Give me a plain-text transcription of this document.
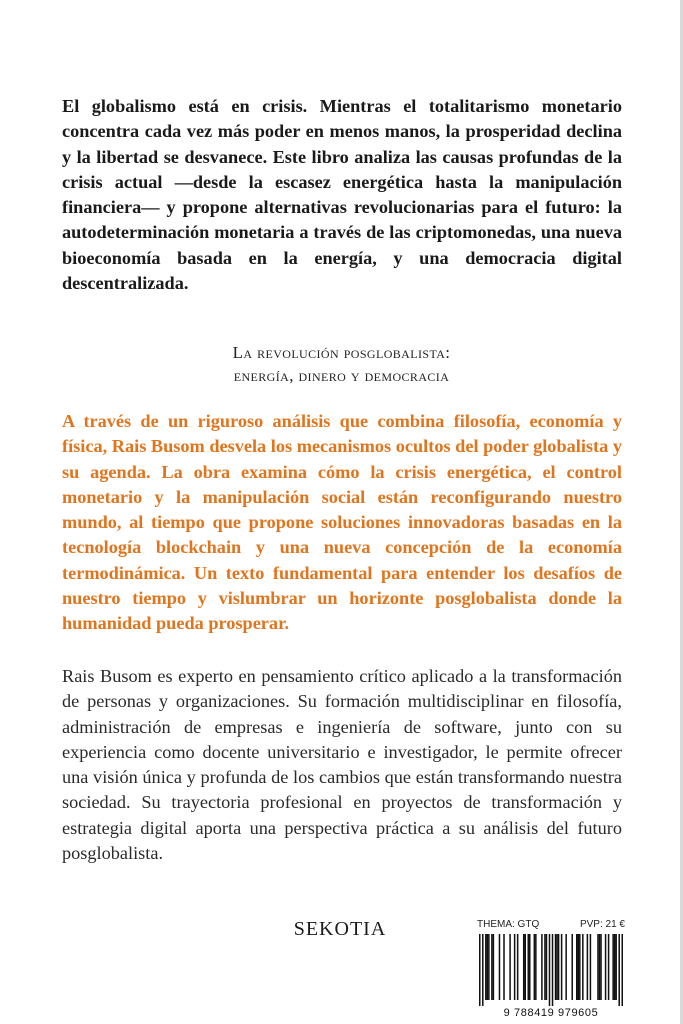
El globalismo está en crisis. Mientras el totalitarismo monetario concentra cada vez más poder en menos manos, la prosperidad declina y la libertad se desvanece. Este libro analiza las causas profundas de la crisis actual —desde la escasez energética hasta la manipulación financiera— y propone alternativas revolucionarias para el futuro: la autodeterminación monetaria a través de las criptomonedas, una nueva bioeconomía basada en la energía, y una democracia digital descentralizada.

La revolución posglobalista:
energía, dinero y democracia

A través de un riguroso análisis que combina filosofía, economía y física, Rais Busom desvela los mecanismos ocultos del poder globalista y su agenda. La obra examina cómo la crisis energética, el control monetario y la manipulación social están reconfigurando nuestro mundo, al tiempo que propone soluciones innovadoras basadas en la tecnología blockchain y una nueva concepción de la economía termodinámica. Un texto fundamental para entender los desafíos de nuestro tiempo y vislumbrar un horizonte posglobalista donde la humanidad pueda prosperar.

Rais Busom es experto en pensamiento crítico aplicado a la transformación de personas y organizaciones. Su formación multidisciplinar en filosofía, administración de empresas e ingeniería de software, junto con su experiencia como docente universitario e investigador, le permite ofrecer una visión única y profunda de los cambios que están transformando nuestra sociedad. Su trayectoria profesional en proyectos de transformación y estrategia digital aporta una perspectiva práctica a su análisis del futuro posglobalista.

SEKOTIA	THEMA: GTQ	PVP: 21 €
9 788419 979605
